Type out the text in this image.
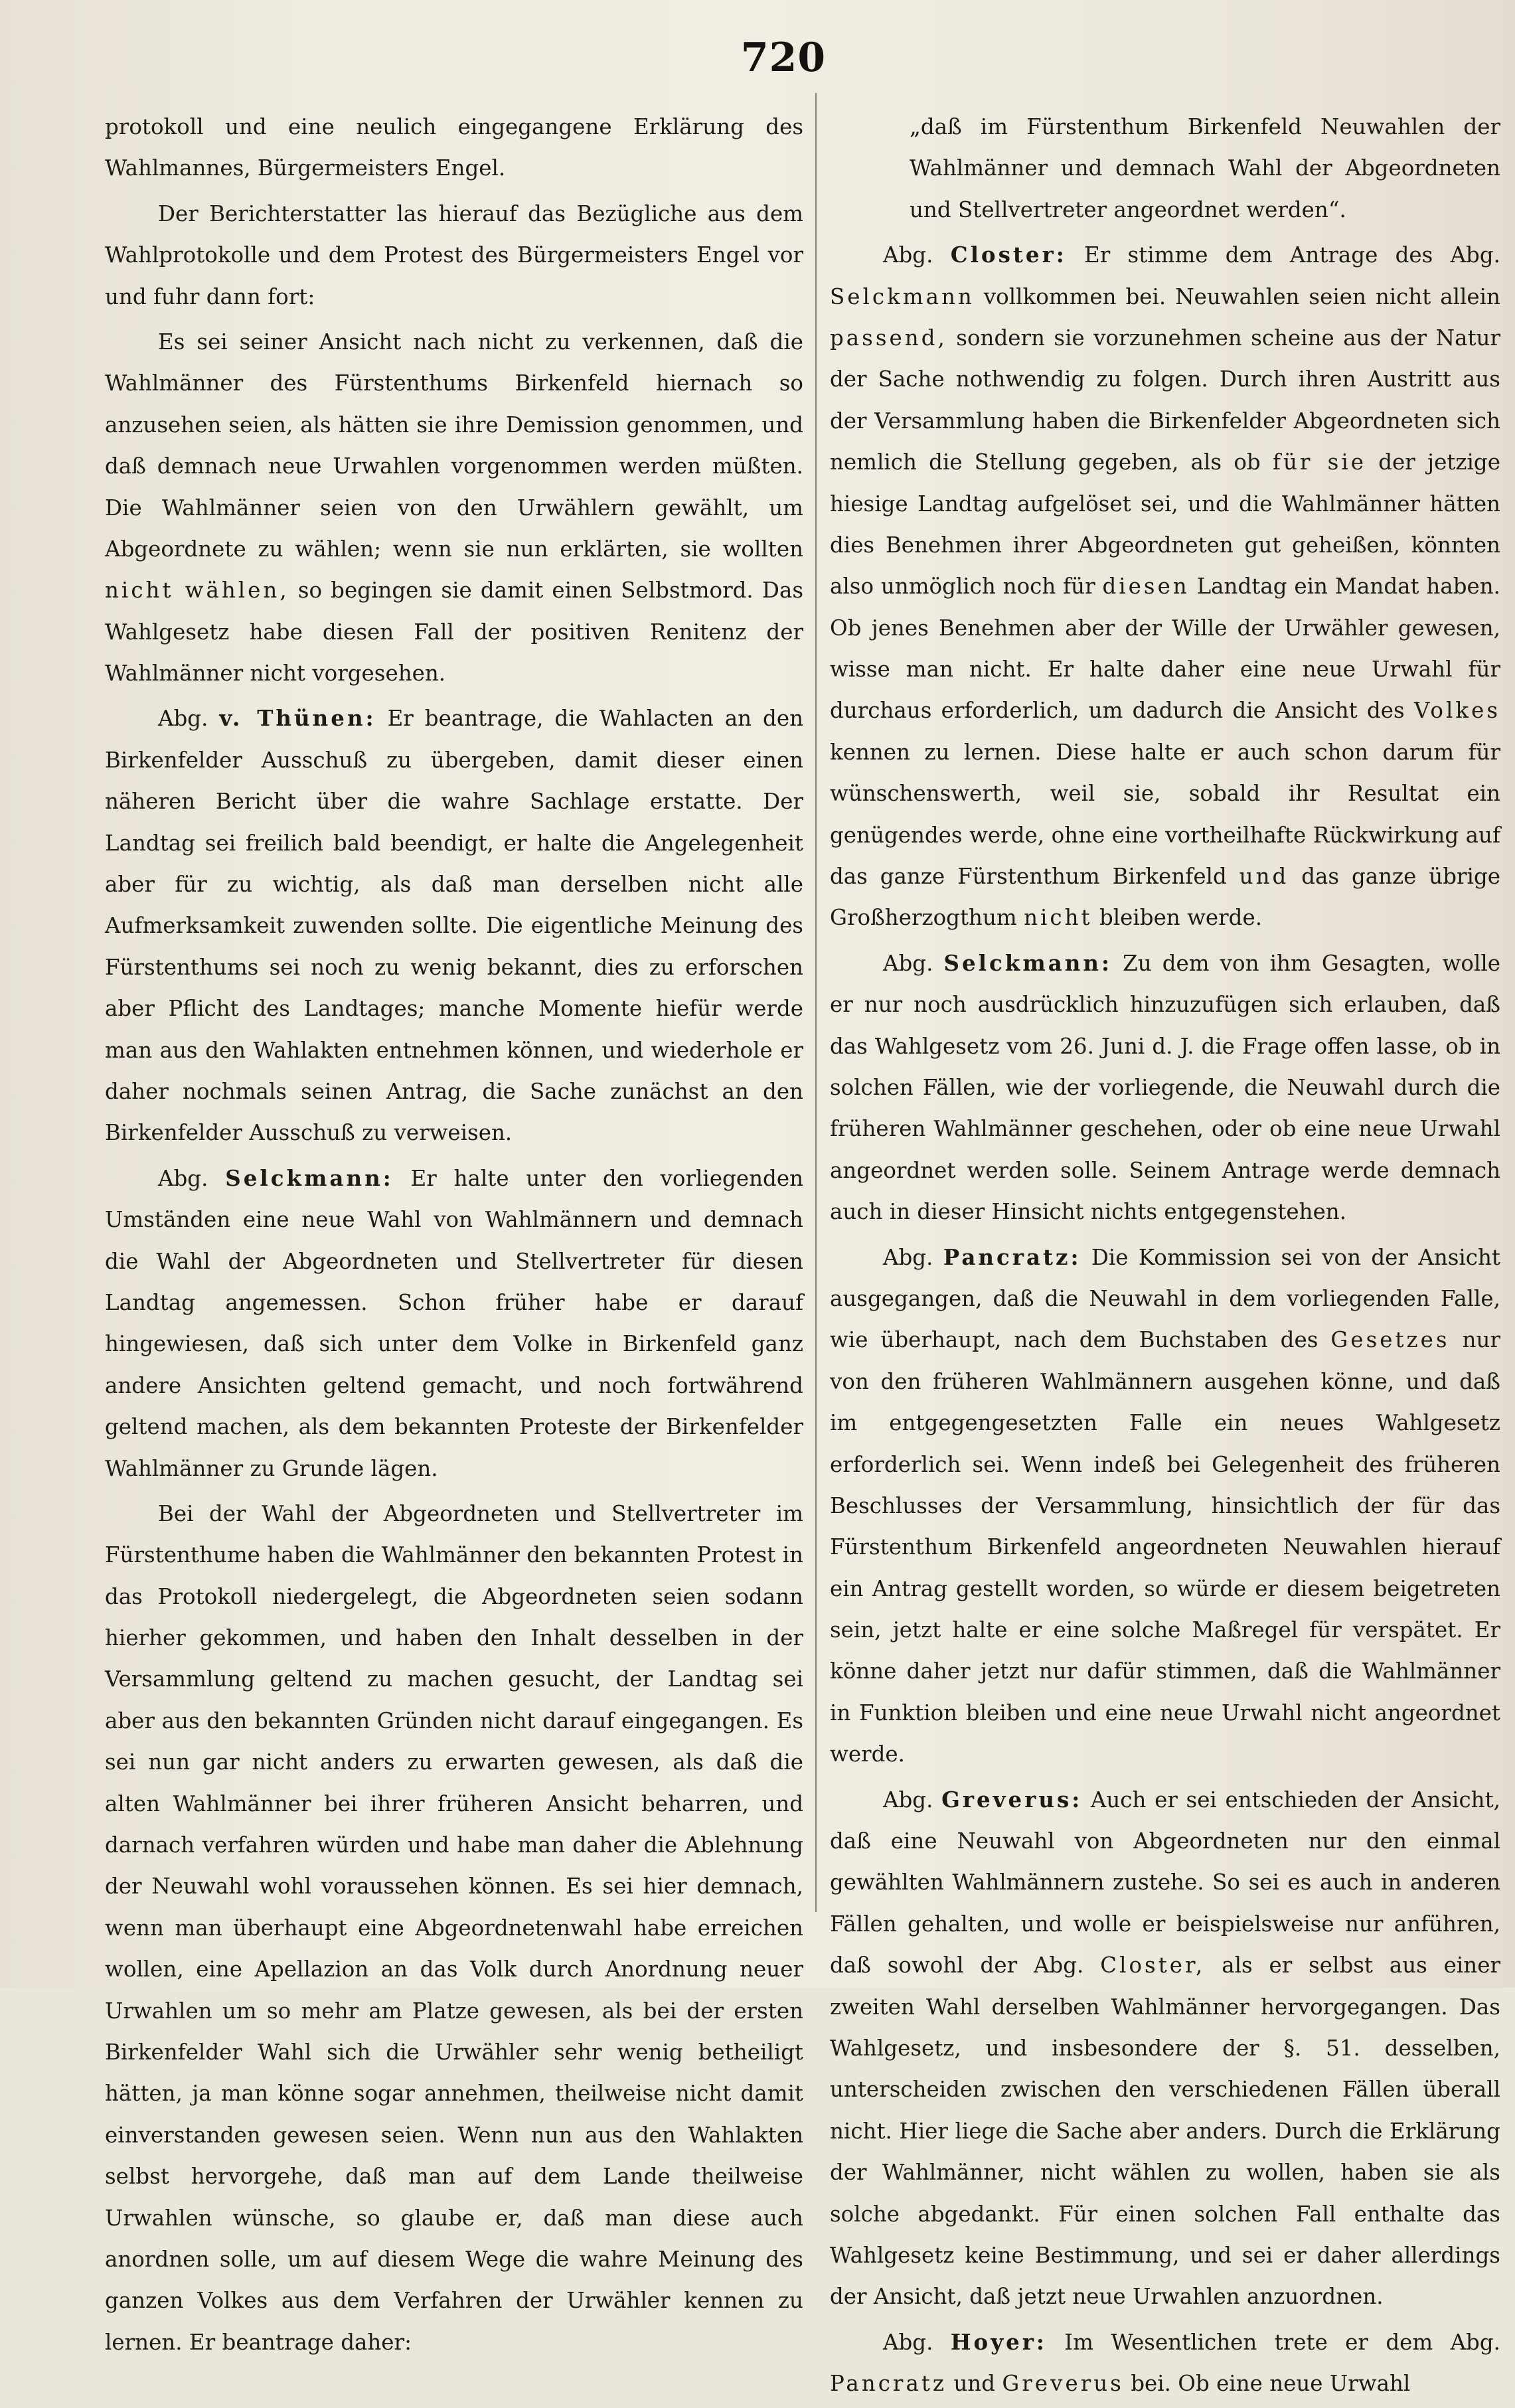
720

protokoll und eine neulich eingegangene Erklärung des Wahlmannes, Bürgermeisters Engel.

Der Berichterstatter las hierauf das Bezügliche aus dem Wahlprotokolle und dem Protest des Bürgermeisters Engel vor und fuhr dann fort:

Es sei seiner Ansicht nach nicht zu verkennen, daß die Wahlmänner des Fürstenthums Birkenfeld hiernach so anzusehen seien, als hätten sie ihre Demission genommen, und daß demnach neue Urwahlen vorgenommen werden müßten. Die Wahlmänner seien von den Urwählern gewählt, um Abgeordnete zu wählen; wenn sie nun erklärten, sie wollten nicht wählen, so begingen sie damit einen Selbstmord. Das Wahlgesetz habe diesen Fall der positiven Renitenz der Wahlmänner nicht vorgesehen.

Abg. v. Thünen: Er beantrage, die Wahlacten an den Birkenfelder Ausschuß zu übergeben, damit dieser einen näheren Bericht über die wahre Sachlage erstatte. Der Landtag sei freilich bald beendigt, er halte die Angelegenheit aber für zu wichtig, als daß man derselben nicht alle Aufmerksamkeit zuwenden sollte. Die eigentliche Meinung des Fürstenthums sei noch zu wenig bekannt, dies zu erforschen aber Pflicht des Landtages; manche Momente hiefür werde man aus den Wahlakten entnehmen können, und wiederhole er daher nochmals seinen Antrag, die Sache zunächst an den Birkenfelder Ausschuß zu verweisen.

Abg. Selckmann: Er halte unter den vorliegenden Umständen eine neue Wahl von Wahlmännern und demnach die Wahl der Abgeordneten und Stellvertreter für diesen Landtag angemessen. Schon früher habe er darauf hingewiesen, daß sich unter dem Volke in Birkenfeld ganz andere Ansichten geltend gemacht, und noch fortwährend geltend machen, als dem bekannten Proteste der Birkenfelder Wahlmänner zu Grunde lägen.

Bei der Wahl der Abgeordneten und Stellvertreter im Fürstenthume haben die Wahlmänner den bekannten Protest in das Protokoll niedergelegt, die Abgeordneten seien sodann hierher gekommen, und haben den Inhalt desselben in der Versammlung geltend zu machen gesucht, der Landtag sei aber aus den bekannten Gründen nicht darauf eingegangen. Es sei nun gar nicht anders zu erwarten gewesen, als daß die alten Wahlmänner bei ihrer früheren Ansicht beharren, und darnach verfahren würden und habe man daher die Ablehnung der Neuwahl wohl voraussehen können. Es sei hier demnach, wenn man überhaupt eine Abgeordnetenwahl habe erreichen wollen, eine Apellazion an das Volk durch Anordnung neuer Urwahlen um so mehr am Platze gewesen, als bei der ersten Birkenfelder Wahl sich die Urwähler sehr wenig betheiligt hätten, ja man könne sogar annehmen, theilweise nicht damit einverstanden gewesen seien. Wenn nun aus den Wahlakten selbst hervorgehe, daß man auf dem Lande theilweise Urwahlen wünsche, so glaube er, daß man diese auch anordnen solle, um auf diesem Wege die wahre Meinung des ganzen Volkes aus dem Verfahren der Urwähler kennen zu lernen. Er beantrage daher:

„daß im Fürstenthum Birkenfeld Neuwahlen der Wahlmänner und demnach Wahl der Abgeordneten und Stellvertreter angeordnet werden“.

Abg. Closter: Er stimme dem Antrage des Abg. Selckmann vollkommen bei. Neuwahlen seien nicht allein passend, sondern sie vorzunehmen scheine aus der Natur der Sache nothwendig zu folgen. Durch ihren Austritt aus der Versammlung haben die Birkenfelder Abgeordneten sich nemlich die Stellung gegeben, als ob für sie der jetzige hiesige Landtag aufgelöset sei, und die Wahlmänner hätten dies Benehmen ihrer Abgeordneten gut geheißen, könnten also unmöglich noch für diesen Landtag ein Mandat haben. Ob jenes Benehmen aber der Wille der Urwähler gewesen, wisse man nicht. Er halte daher eine neue Urwahl für durchaus erforderlich, um dadurch die Ansicht des Volkes kennen zu lernen. Diese halte er auch schon darum für wünschenswerth, weil sie, sobald ihr Resultat ein genügendes werde, ohne eine vortheilhafte Rückwirkung auf das ganze Fürstenthum Birkenfeld und das ganze übrige Großherzogthum nicht bleiben werde.

Abg. Selckmann: Zu dem von ihm Gesagten, wolle er nur noch ausdrücklich hinzuzufügen sich erlauben, daß das Wahlgesetz vom 26. Juni d. J. die Frage offen lasse, ob in solchen Fällen, wie der vorliegende, die Neuwahl durch die früheren Wahlmänner geschehen, oder ob eine neue Urwahl angeordnet werden solle. Seinem Antrage werde demnach auch in dieser Hinsicht nichts entgegenstehen.

Abg. Pancratz: Die Kommission sei von der Ansicht ausgegangen, daß die Neuwahl in dem vorliegenden Falle, wie überhaupt, nach dem Buchstaben des Gesetzes nur von den früheren Wahlmännern ausgehen könne, und daß im entgegengesetzten Falle ein neues Wahlgesetz erforderlich sei. Wenn indeß bei Gelegenheit des früheren Beschlusses der Versammlung, hinsichtlich der für das Fürstenthum Birkenfeld angeordneten Neuwahlen hierauf ein Antrag gestellt worden, so würde er diesem beigetreten sein, jetzt halte er eine solche Maßregel für verspätet. Er könne daher jetzt nur dafür stimmen, daß die Wahlmänner in Funktion bleiben und eine neue Urwahl nicht angeordnet werde.

Abg. Greverus: Auch er sei entschieden der Ansicht, daß eine Neuwahl von Abgeordneten nur den einmal gewählten Wahlmännern zustehe. So sei es auch in anderen Fällen gehalten, und wolle er beispielsweise nur anführen, daß sowohl der Abg. Closter, als er selbst aus einer zweiten Wahl derselben Wahlmänner hervorgegangen. Das Wahlgesetz, und insbesondere der §. 51. desselben, unterscheiden zwischen den verschiedenen Fällen überall nicht. Hier liege die Sache aber anders. Durch die Erklärung der Wahlmänner, nicht wählen zu wollen, haben sie als solche abgedankt. Für einen solchen Fall enthalte das Wahlgesetz keine Bestimmung, und sei er daher allerdings der Ansicht, daß jetzt neue Urwahlen anzuordnen.

Abg. Hoyer: Im Wesentlichen trete er dem Abg. Pancratz und Greverus bei. Ob eine neue Urwahl
